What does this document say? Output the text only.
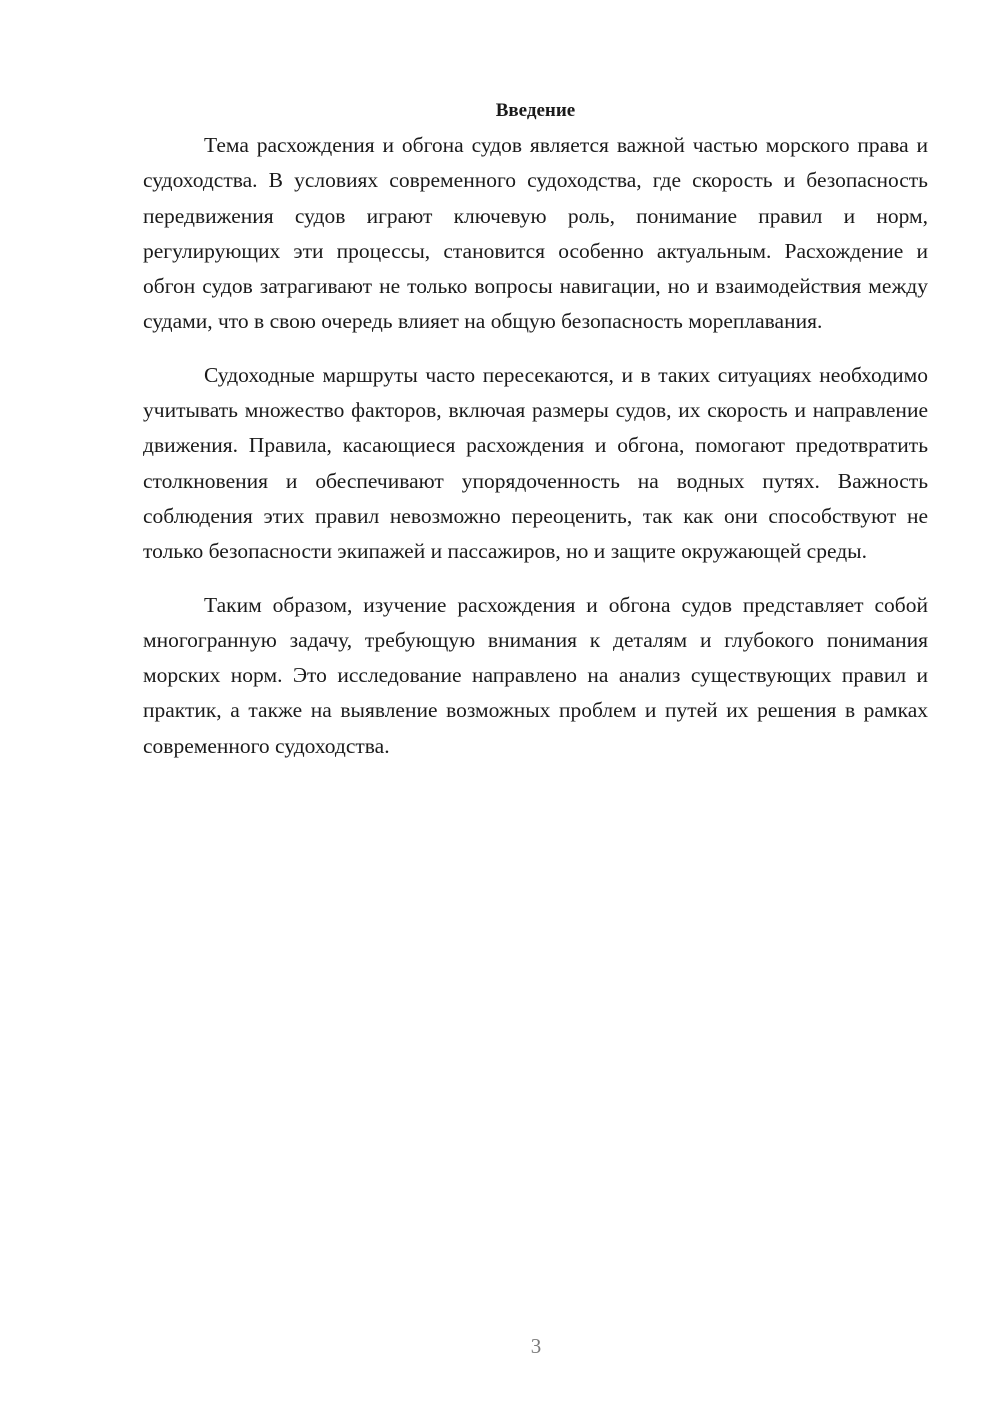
Введение

Тема расхождения и обгона судов является важной частью морского права и судоходства. В условиях современного судоходства, где скорость и безопасность передвижения судов играют ключевую роль, понимание правил и норм, регулирующих эти процессы, становится особенно актуальным. Расхождение и обгон судов затрагивают не только вопросы навигации, но и взаимодействия между судами, что в свою очередь влияет на общую безопасность мореплавания.

Судоходные маршруты часто пересекаются, и в таких ситуациях необходимо учитывать множество факторов, включая размеры судов, их скорость и направление движения. Правила, касающиеся расхождения и обгона, помогают предотвратить столкновения и обеспечивают упорядоченность на водных путях. Важность соблюдения этих правил невозможно переоценить, так как они способствуют не только безопасности экипажей и пассажиров, но и защите окружающей среды.

Таким образом, изучение расхождения и обгона судов представляет собой многогранную задачу, требующую внимания к деталям и глубокого понимания морских норм. Это исследование направлено на анализ существующих правил и практик, а также на выявление возможных проблем и путей их решения в рамках современного судоходства.

3
